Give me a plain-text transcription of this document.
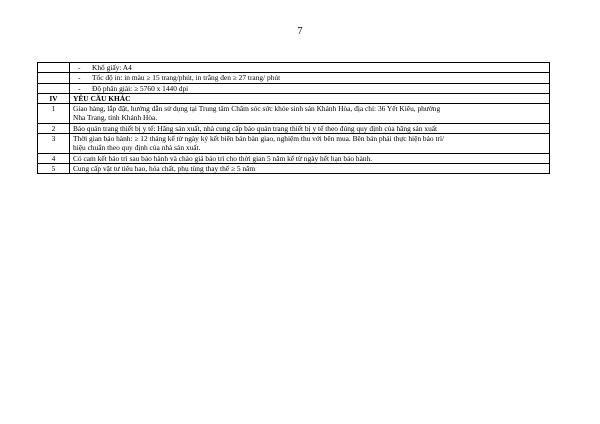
7
	- Khổ giấy: A4
	- Tốc độ in: in màu ≥ 15 trang/phút, in trắng đen ≥ 27 trang/ phút
	- Độ phân giải: ≥ 5760 x 1440 dpi
IV	YÊU CẦU KHÁC
1	Giao hàng, lắp đặt, hướng dẫn sử dụng tại Trung tâm Chăm sóc sức khỏe sinh sản Khánh Hòa, địa chỉ: 36 Yết Kiêu, phường
Nha Trang, tỉnh Khánh Hòa.

2	Bảo quản trang thiết bị y tế: Hãng sản xuất, nhà cung cấp bảo quản trang thiết bị y tế theo đúng quy định của hãng sản xuất

3	Thời gian bảo hành: ≥ 12 tháng kể từ ngày ký kết biên bản bàn giao, nghiệm thu với bên mua. Bên bán phải thực hiện bảo trì/
hiệu chuẩn theo quy định của nhà sản xuất.

4	Có cam kết bảo trì sau bảo hành và chào giá bảo trì cho thời gian 5 năm kể từ ngày hết hạn bảo hành.

5	Cung cấp vật tư tiêu hao, hóa chất, phụ tùng thay thế ≥ 5 năm
